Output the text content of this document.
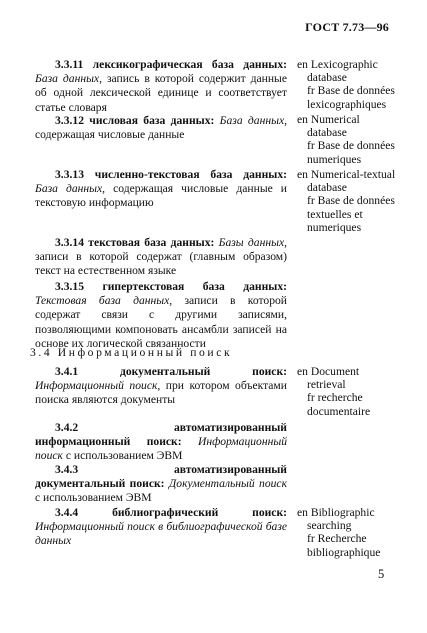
ГОСТ 7.73—96
3.3.11 лексикографическая база данных: База данных, запись в которой содержит данные об одной лексической единице и соответствует статье словаря
en Lexicographic
database
fr Base de données
lexicographiques
3.3.12 числовая база данных: База данных, содержащая числовые данные
en Numerical
database
fr Base de données
numeriques
3.3.13 численно-текстовая база данных: База данных, содержащая числовые данные и текстовую информацию
en Numerical-textual
database
fr Base de données
textuelles et
numeriques
3.3.14 текстовая база данных: Базы данных, записи в которой содержат (главным образом) текст на естественном языке
3.3.15 гипертекстовая база данных: Текстовая база данных, записи в которой содержат связи с другими записями, позволяющими компоновать ансамбли записей на основе их логической связанности
3.4 Информационный поиск
3.4.1	документальный поиск: Информационный поиск, при котором объектами поиска являются документы
en Document
retrieval
fr recherche
documentaire
3.4.2	автоматизированный информационный поиск: Информационный поиск с использованием ЭВМ
3.4.3	автоматизированный документальный поиск: Документальный поиск с использованием ЭВМ
3.4.4	библиографический поиск: Информационный поиск в библиографической базе данных
en Bibliographic
searching
fr Recherche
bibliographique
5
